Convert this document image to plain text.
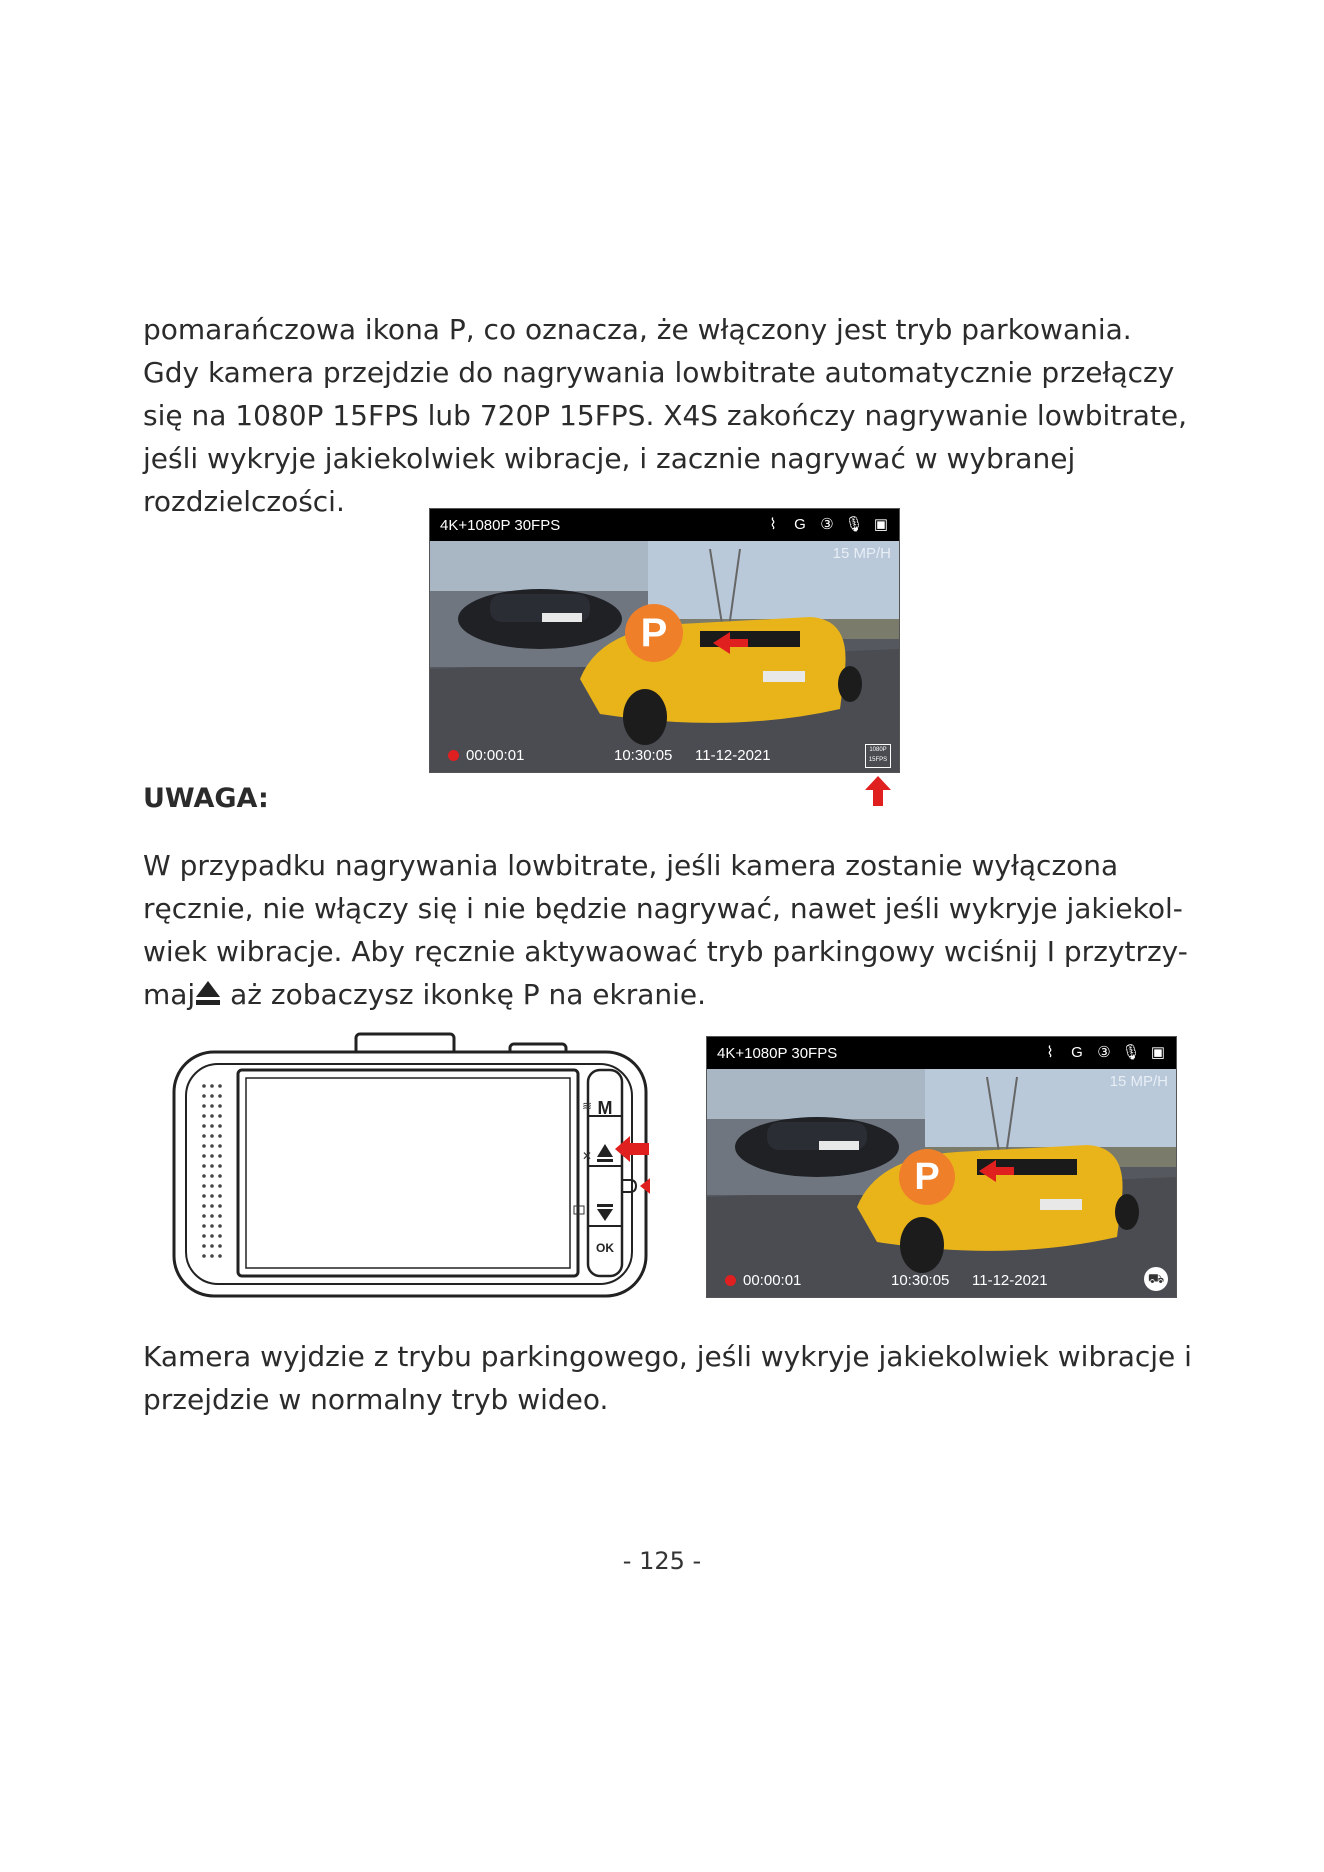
pomarańczowa ikona P, co oznacza, że włączony jest tryb parkowania.

Gdy kamera przejdzie do nagrywania lowbitrate automatycznie przełączy

się na 1080P 15FPS lub 720P 15FPS. X4S zakończy nagrywanie lowbitrate,

jeśli wykryje jakiekolwiek wibracje, i zacznie nagrywać w wybranej

rozdzielczości.

4K+1080P 30FPS	⌇	G ③ 🎙 ▣
15 MP/H
P
00:00:01	10:30:05 11-12-2021	1080P
15FPS

UWAGA:

W przypadku nagrywania lowbitrate, jeśli kamera zostanie wyłączona

ręcznie, nie włączy się i nie będzie nagrywać, nawet jeśli wykryje jakiekol-

wiek wibracje. Aby ręcznie aktywaować tryb parkingowy wciśnij I przytrzy-

maj aż zobaczysz ikonkę P na ekranie.

≋
✕
M
OK
4K+1080P 30FPS	⌇	G ③ 🎙 ▣
15 MP/H
P
00:00:01	10:30:05 11-12-2021	⛟

Kamera wyjdzie z trybu parkingowego, jeśli wykryje jakiekolwiek wibracje i

przejdzie w normalny tryb wideo.

- 125 -
